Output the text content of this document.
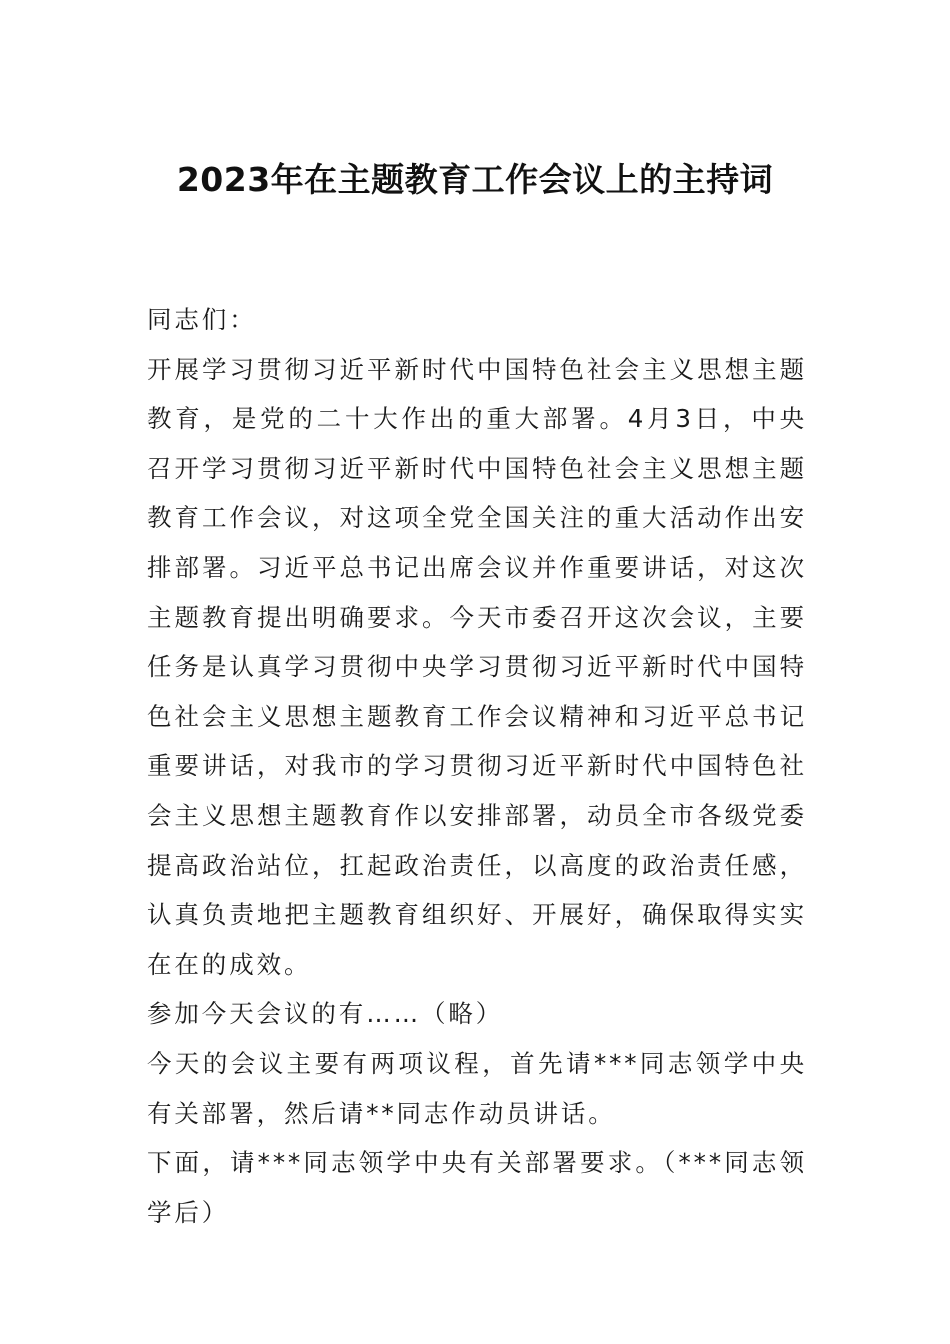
2023年在主题教育工作会议上的主持词

同志们：

开展学习贯彻习近平新时代中国特色社会主义思想主题教育，是党的二十大作出的重大部署。4月3日，中央召开学习贯彻习近平新时代中国特色社会主义思想主题教育工作会议，对这项全党全国关注的重大活动作出安排部署。习近平总书记出席会议并作重要讲话，对这次主题教育提出明确要求。今天市委召开这次会议，主要任务是认真学习贯彻中央学习贯彻习近平新时代中国特色社会主义思想主题教育工作会议精神和习近平总书记重要讲话，对我市的学习贯彻习近平新时代中国特色社会主义思想主题教育作以安排部署，动员全市各级党委提高政治站位，扛起政治责任，以高度的政治责任感，认真负责地把主题教育组织好、开展好，确保取得实实在在的成效。

参加今天会议的有……（略）

今天的会议主要有两项议程，首先请***同志领学中央有关部署，然后请**同志作动员讲话。

下面，请***同志领学中央有关部署要求。（***同志领学后）
